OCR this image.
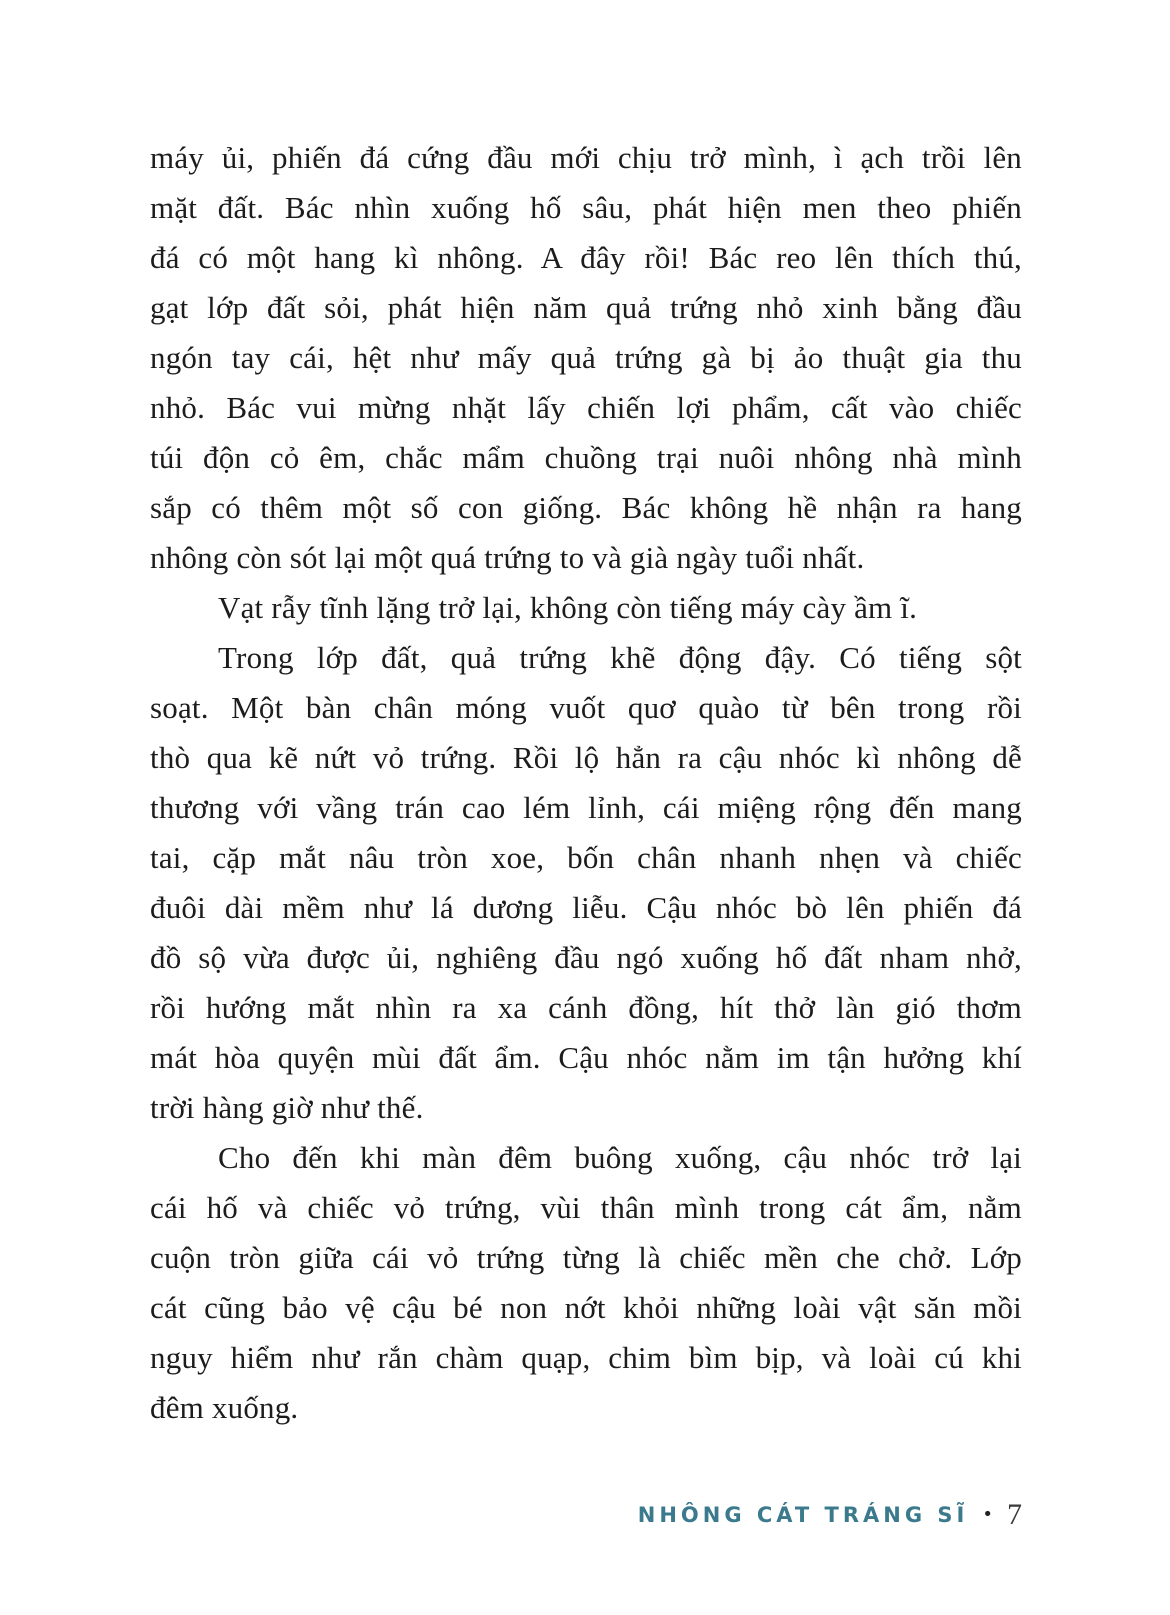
máy ủi, phiến đá cứng đầu mới chịu trở mình, ì ạch trồi lên
mặt đất. Bác nhìn xuống hố sâu, phát hiện men theo phiến
đá có một hang kì nhông. A đây rồi! Bác reo lên thích thú,
gạt lớp đất sỏi, phát hiện năm quả trứng nhỏ xinh bằng đầu
ngón tay cái, hệt như mấy quả trứng gà bị ảo thuật gia thu
nhỏ. Bác vui mừng nhặt lấy chiến lợi phẩm, cất vào chiếc
túi độn cỏ êm, chắc mẩm chuồng trại nuôi nhông nhà mình
sắp có thêm một số con giống. Bác không hề nhận ra hang
nhông còn sót lại một quá trứng to và già ngày tuổi nhất.
Vạt rẫy tĩnh lặng trở lại, không còn tiếng máy cày ầm ĩ.
Trong lớp đất, quả trứng khẽ động đậy. Có tiếng sột
soạt. Một bàn chân móng vuốt quơ quào từ bên trong rồi
thò qua kẽ nứt vỏ trứng. Rồi lộ hẳn ra cậu nhóc kì nhông dễ
thương với vầng trán cao lém lỉnh, cái miệng rộng đến mang
tai, cặp mắt nâu tròn xoe, bốn chân nhanh nhẹn và chiếc
đuôi dài mềm như lá dương liễu. Cậu nhóc bò lên phiến đá
đồ sộ vừa được ủi, nghiêng đầu ngó xuống hố đất nham nhở,
rồi hướng mắt nhìn ra xa cánh đồng, hít thở làn gió thơm
mát hòa quyện mùi đất ẩm. Cậu nhóc nằm im tận hưởng khí
trời hàng giờ như thế.
Cho đến khi màn đêm buông xuống, cậu nhóc trở lại
cái hố và chiếc vỏ trứng, vùi thân mình trong cát ẩm, nằm
cuộn tròn giữa cái vỏ trứng từng là chiếc mền che chở. Lớp
cát cũng bảo vệ cậu bé non nớt khỏi những loài vật săn mồi
nguy hiểm như rắn chàm quạp, chim bìm bịp, và loài cú khi
đêm xuống.
NHÔNG CÁT TRÁNG SĨ • 7
